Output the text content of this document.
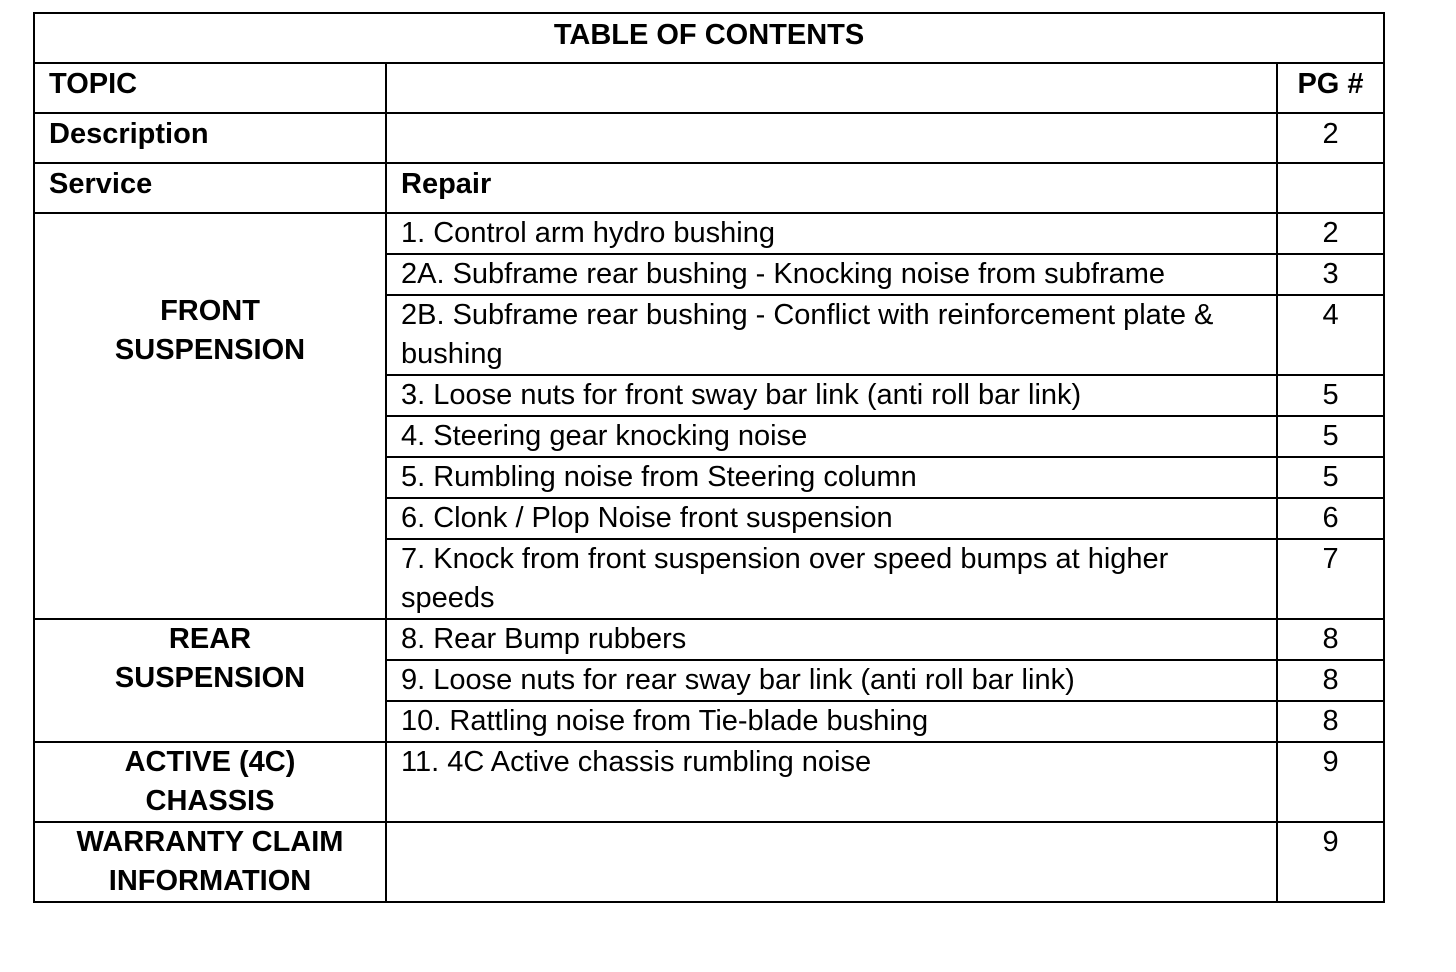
TABLE OF CONTENTS		
TOPIC		PG #
Description		2
Service	Repair	

FRONT
SUSPENSION	1. Control arm hydro bushing	2
	2A. Subframe rear bushing - Knocking noise from subframe	3
	2B. Subframe rear bushing - Conflict with reinforcement plate & bushing	4
	3. Loose nuts for front sway bar link (anti roll bar link)	5
	4. Steering gear knocking noise	5
	5. Rumbling noise from Steering column	5
	6. Clonk / Plop Noise front suspension	6
	7. Knock from front suspension over speed bumps at higher speeds	7

REAR
SUSPENSION	8. Rear Bump rubbers	8
	9. Loose nuts for rear sway bar link (anti roll bar link)	8
	10. Rattling noise from Tie-blade bushing	8

ACTIVE (4C)
CHASSIS	11. 4C Active chassis rumbling noise	9

WARRANTY CLAIM
INFORMATION		9
